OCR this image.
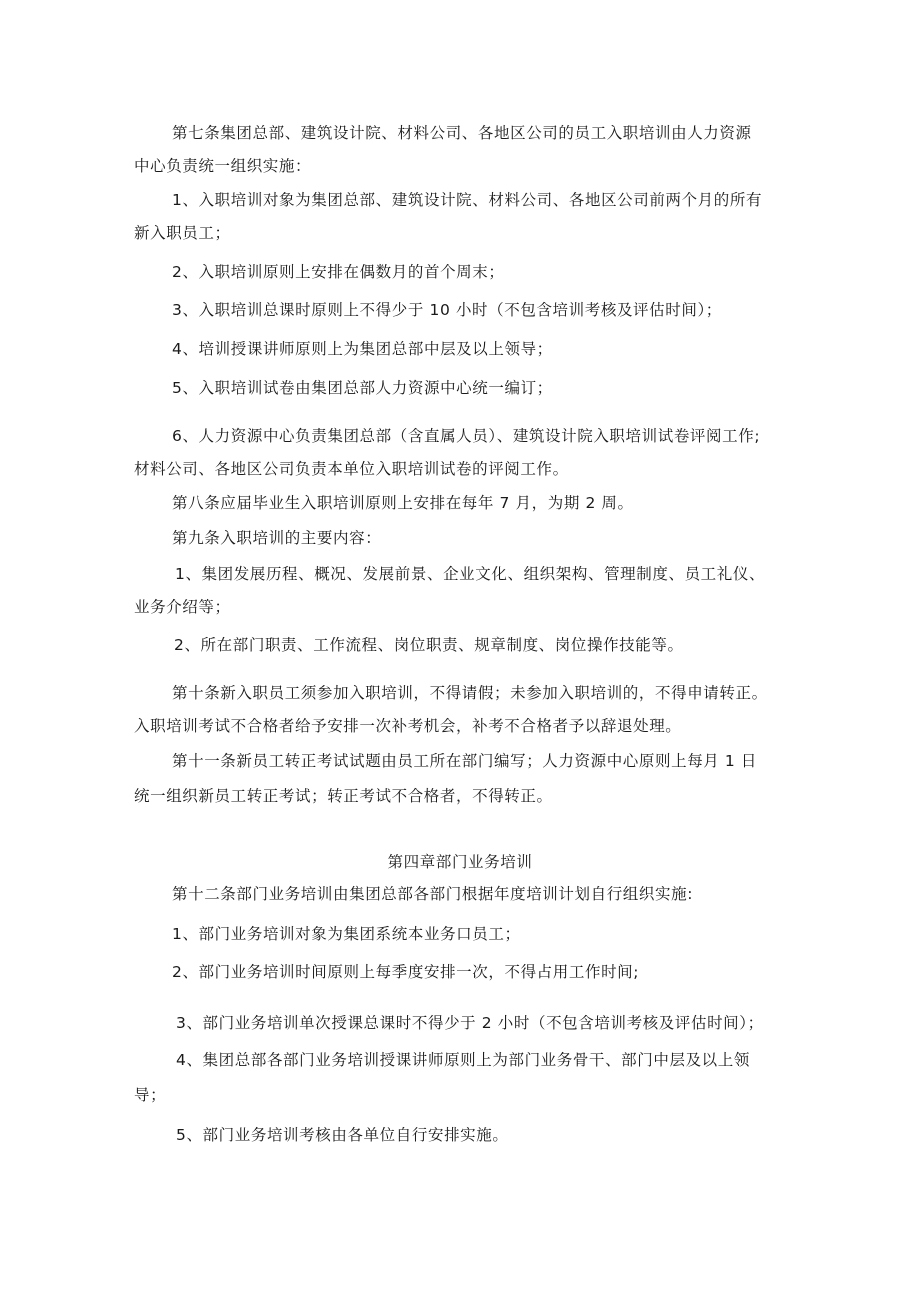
第七条集团总部、建筑设计院、材料公司、各地区公司的员工入职培训由人力资源
中心负责统一组织实施：
1、入职培训对象为集团总部、建筑设计院、材料公司、各地区公司前两个月的所有
新入职员工；
2、入职培训原则上安排在偶数月的首个周末；
3、入职培训总课时原则上不得少于 10 小时（不包含培训考核及评估时间）；
4、培训授课讲师原则上为集团总部中层及以上领导；
5、入职培训试卷由集团总部人力资源中心统一编订；
6、人力资源中心负责集团总部（含直属人员）、建筑设计院入职培训试卷评阅工作;
材料公司、各地区公司负责本单位入职培训试卷的评阅工作。
第八条应届毕业生入职培训原则上安排在每年 7 月，为期 2 周。
第九条入职培训的主要内容：
1、集团发展历程、概况、发展前景、企业文化、组织架构、管理制度、员工礼仪、
业务介绍等；
2、所在部门职责、工作流程、岗位职责、规章制度、岗位操作技能等。
第十条新入职员工须参加入职培训，不得请假；未参加入职培训的，不得申请转正。
入职培训考试不合格者给予安排一次补考机会，补考不合格者予以辞退处理。
第十一条新员工转正考试试题由员工所在部门编写；人力资源中心原则上每月 1 日
统一组织新员工转正考试；转正考试不合格者，不得转正。
第四章部门业务培训
第十二条部门业务培训由集团总部各部门根据年度培训计划自行组织实施:
1、部门业务培训对象为集团系统本业务口员工；
2、部门业务培训时间原则上每季度安排一次，不得占用工作时间;
3、部门业务培训单次授课总课时不得少于 2 小时（不包含培训考核及评估时间）；
4、集团总部各部门业务培训授课讲师原则上为部门业务骨干、部门中层及以上领
导；
5、部门业务培训考核由各单位自行安排实施。
